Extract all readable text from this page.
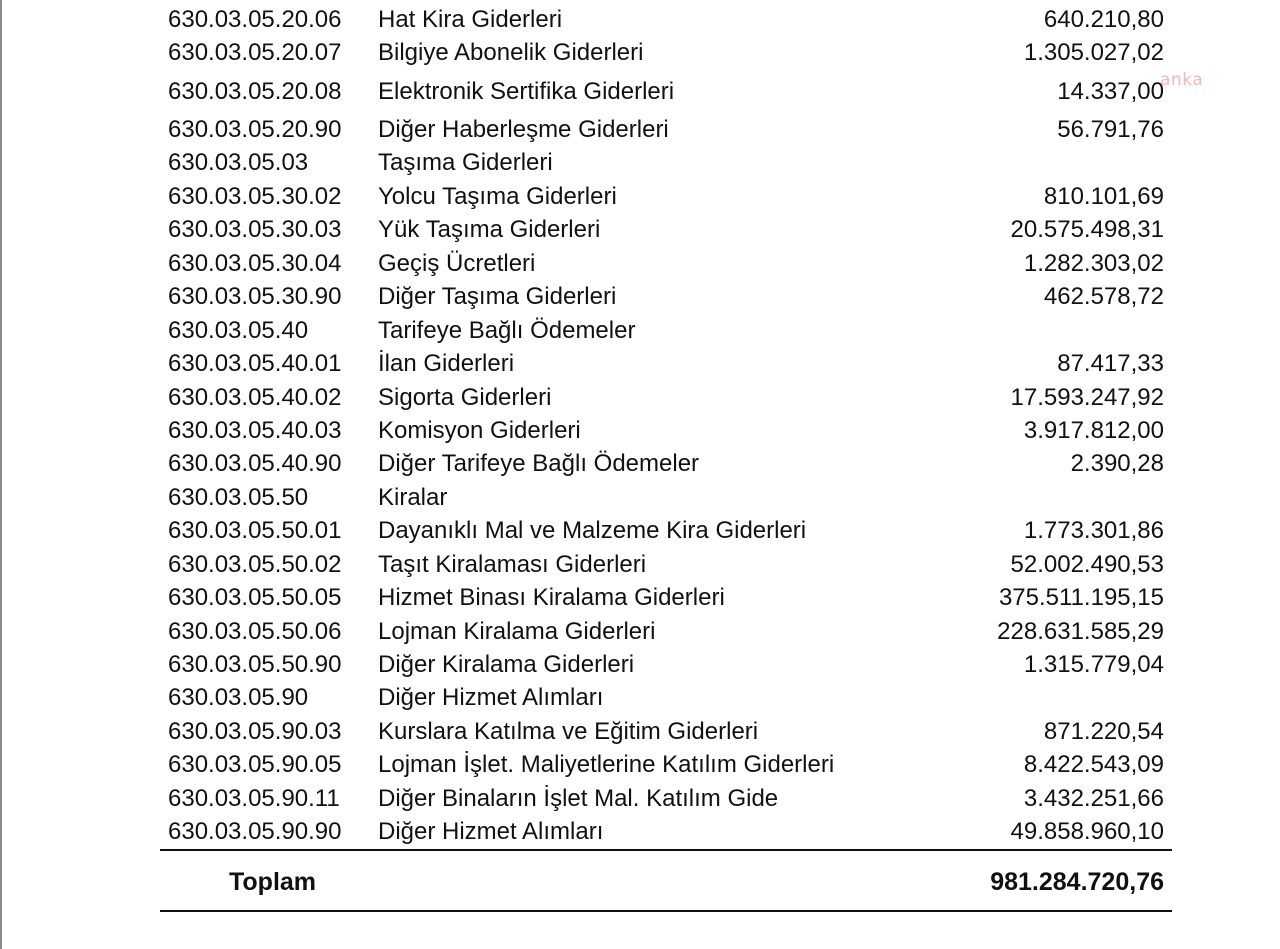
anka
630.03.05.20.06 Hat Kira Giderleri	640.210,80
630.03.05.20.07 Bilgiye Abonelik Giderleri	1.305.027,02
630.03.05.20.08 Elektronik Sertifika Giderleri	14.337,00
630.03.05.20.90 Diğer Haberleşme Giderleri	56.791,76
630.03.05.03	Taşıma Giderleri
630.03.05.30.02 Yolcu Taşıma Giderleri	810.101,69
630.03.05.30.03 Yük Taşıma Giderleri	20.575.498,31
630.03.05.30.04 Geçiş Ücretleri	1.282.303,02
630.03.05.30.90 Diğer Taşıma Giderleri	462.578,72
630.03.05.40	Tarifeye Bağlı Ödemeler
630.03.05.40.01 İlan Giderleri	87.417,33
630.03.05.40.02 Sigorta Giderleri	17.593.247,92
630.03.05.40.03 Komisyon Giderleri	3.917.812,00
630.03.05.40.90 Diğer Tarifeye Bağlı Ödemeler	2.390,28
630.03.05.50	Kiralar
630.03.05.50.01 Dayanıklı Mal ve Malzeme Kira Giderleri	1.773.301,86
630.03.05.50.02 Taşıt Kiralaması Giderleri	52.002.490,53
630.03.05.50.05 Hizmet Binası Kiralama Giderleri	375.511.195,15
630.03.05.50.06 Lojman Kiralama Giderleri	228.631.585,29
630.03.05.50.90 Diğer Kiralama Giderleri	1.315.779,04
630.03.05.90	Diğer Hizmet Alımları
630.03.05.90.03 Kurslara Katılma ve Eğitim Giderleri	871.220,54
630.03.05.90.05 Lojman İşlet. Maliyetlerine Katılım Giderleri	8.422.543,09
630.03.05.90.11 Diğer Binaların İşlet Mal. Katılım Gide	3.432.251,66
630.03.05.90.90 Diğer Hizmet Alımları	49.858.960,10
Toplam	981.284.720,76
